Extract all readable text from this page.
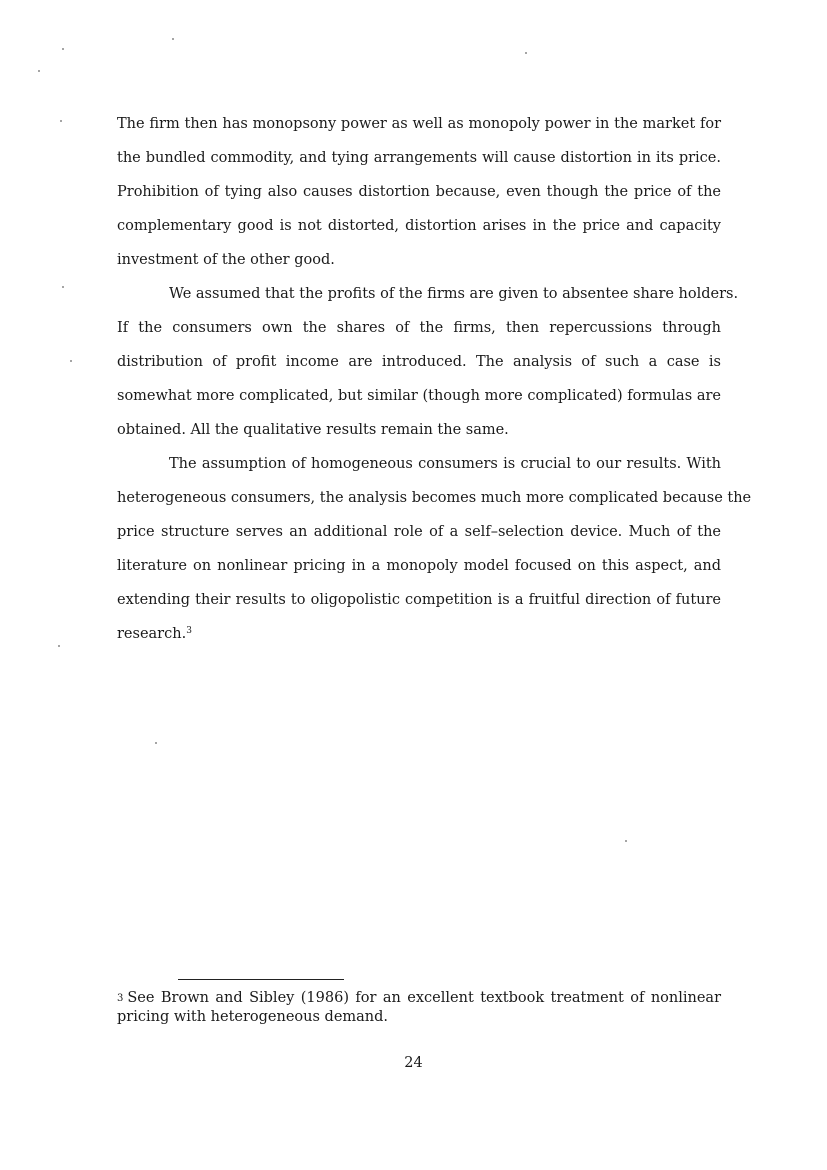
The firm then has monopsony power as well as monopoly power in the market for
the bundled commodity, and tying arrangements will cause distortion in its price.
Prohibition of tying also causes distortion because, even though the price of the
complementary good is not distorted, distortion arises in the price and capacity
investment of the other good.
We assumed that the profits of the firms are given to absentee share holders.
If the consumers own the shares of the firms, then repercussions through
distribution of profit income are introduced. The analysis of such a case is
somewhat more complicated, but similar (though more complicated) formulas are
obtained. All the qualitative results remain the same.
The assumption of homogeneous consumers is crucial to our results. With
heterogeneous consumers, the analysis becomes much more complicated because the
price structure serves an additional role of a self–selection device. Much of the
literature on nonlinear pricing in a monopoly model focused on this aspect, and
extending their results to oligopolistic competition is a fruitful direction of future
research.$^3$
3 See Brown and Sibley (1986) for an excellent textbook treatment of nonlinear
pricing with heterogeneous demand.
24
